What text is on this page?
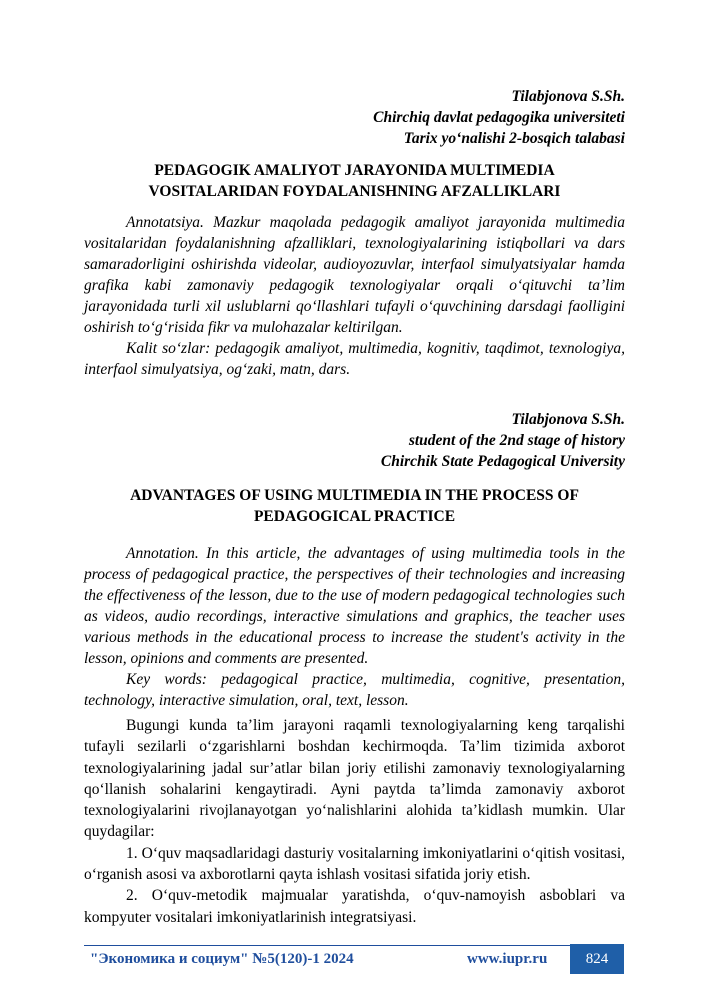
Tilabjonova S.Sh.
Chirchiq davlat pedagogika universiteti
Tarix yo‘nalishi 2-bosqich talabasi
PEDAGOGIK AMALIYOT JARAYONIDA MULTIMEDIA
VOSITALARIDAN FOYDALANISHNING AFZALLIKLARI

Annotatsiya. Mazkur maqolada pedagogik amaliyot jarayonida multimedia vositalaridan foydalanishning afzalliklari, texnologiyalarining istiqbollari va dars samaradorligini oshirishda videolar, audioyozuvlar, interfaol simulyatsiyalar hamda grafika kabi zamonaviy pedagogik texnologiyalar orqali o‘qituvchi ta’lim jarayonidada turli xil uslublarni qo‘llashlari tufayli o‘quvchining darsdagi faolligini oshirish to‘g‘risida fikr va mulohazalar keltirilgan.

Kalit so‘zlar: pedagogik amaliyot, multimedia, kognitiv, taqdimot, texnologiya, interfaol simulyatsiya, og‘zaki, matn, dars.

Tilabjonova S.Sh.
student of the 2nd stage of history
Chirchik State Pedagogical University
ADVANTAGES OF USING MULTIMEDIA IN THE PROCESS OF
PEDAGOGICAL PRACTICE

Annotation. In this article, the advantages of using multimedia tools in the process of pedagogical practice, the perspectives of their technologies and increasing the effectiveness of the lesson, due to the use of modern pedagogical technologies such as videos, audio recordings, interactive simulations and graphics, the teacher uses various methods in the educational process to increase the student's activity in the lesson, opinions and comments are presented.

Key words: pedagogical practice, multimedia, cognitive, presentation, technology, interactive simulation, oral, text, lesson.

Bugungi kunda ta’lim jarayoni raqamli texnologiyalarning keng tarqalishi tufayli sezilarli o‘zgarishlarni boshdan kechirmoqda. Ta’lim tizimida axborot texnologiyalarining jadal sur’atlar bilan joriy etilishi zamonaviy texnologiyalarning qo‘llanish sohalarini kengaytiradi. Ayni paytda ta’limda zamonaviy axborot texnologiyalarini rivojlanayotgan yo‘nalishlarini alohida ta’kidlash mumkin. Ular quydagilar:

1. O‘quv maqsadlaridagi dasturiy vositalarning imkoniyatlarini o‘qitish vositasi, o‘rganish asosi va axborotlarni qayta ishlash vositasi sifatida joriy etish.

2. O‘quv-metodik majmualar yaratishda, o‘quv-namoyish asboblari va kompyuter vositalari imkoniyatlarinish integratsiyasi.

"Экономика и социум" №5(120)-1 2024	www.iupr.ru	824
